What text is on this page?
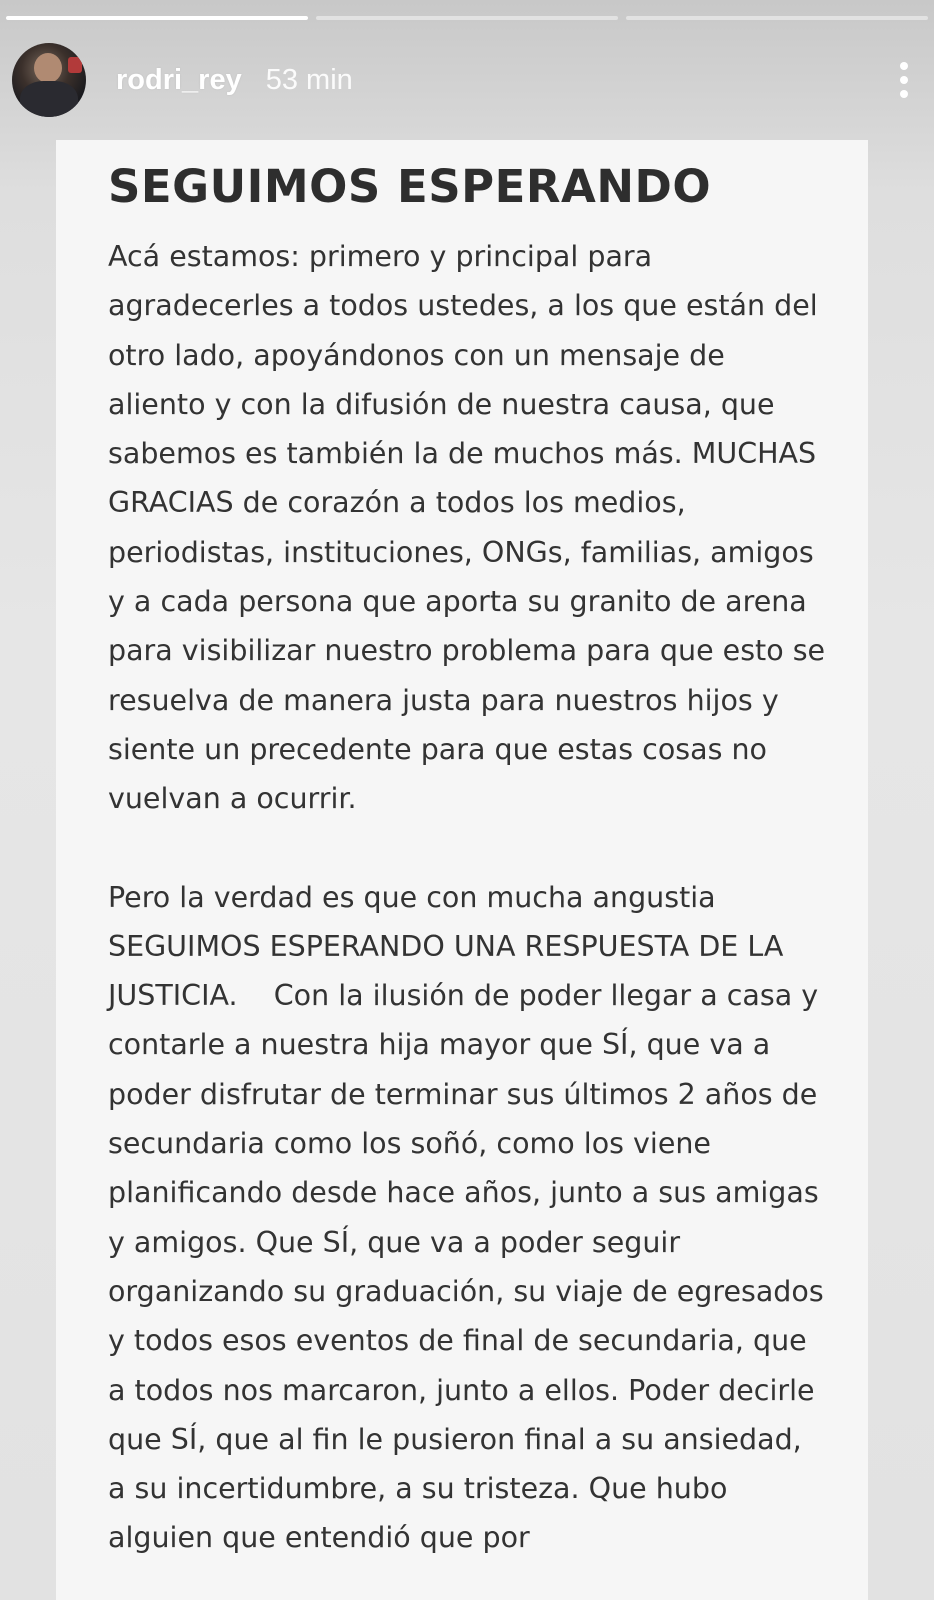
rodri_rey 53 min
SEGUIMOS ESPERANDO

Acá estamos: primero y principal para agradecerles a todos ustedes, a los que están del otro lado, apoyándonos con un mensaje de aliento y con la difusión de nuestra causa, que sabemos es también la de muchos más. MUCHAS GRACIAS de corazón a todos los medios, periodistas, instituciones, ONGs, familias, amigos y a cada persona que aporta su granito de arena para visibilizar nuestro problema para que esto se resuelva de manera justa para nuestros hijos y siente un precedente para que estas cosas no vuelvan a ocurrir.

Pero la verdad es que con mucha angustia SEGUIMOS ESPERANDO UNA RESPUESTA DE LA JUSTICIA.    Con la ilusión de poder llegar a casa y contarle a nuestra hija mayor que SÍ, que va a poder disfrutar de terminar sus últimos 2 años de secundaria como los soñó, como los viene planificando desde hace años, junto a sus amigas y amigos. Que SÍ, que va a poder seguir organizando su graduación, su viaje de egresados y todos esos eventos de final de secundaria, que a todos nos marcaron, junto a ellos. Poder decirle que SÍ, que al fin le pusieron final a su ansiedad, a su incertidumbre, a su tristeza. Que hubo alguien que entendió que por
